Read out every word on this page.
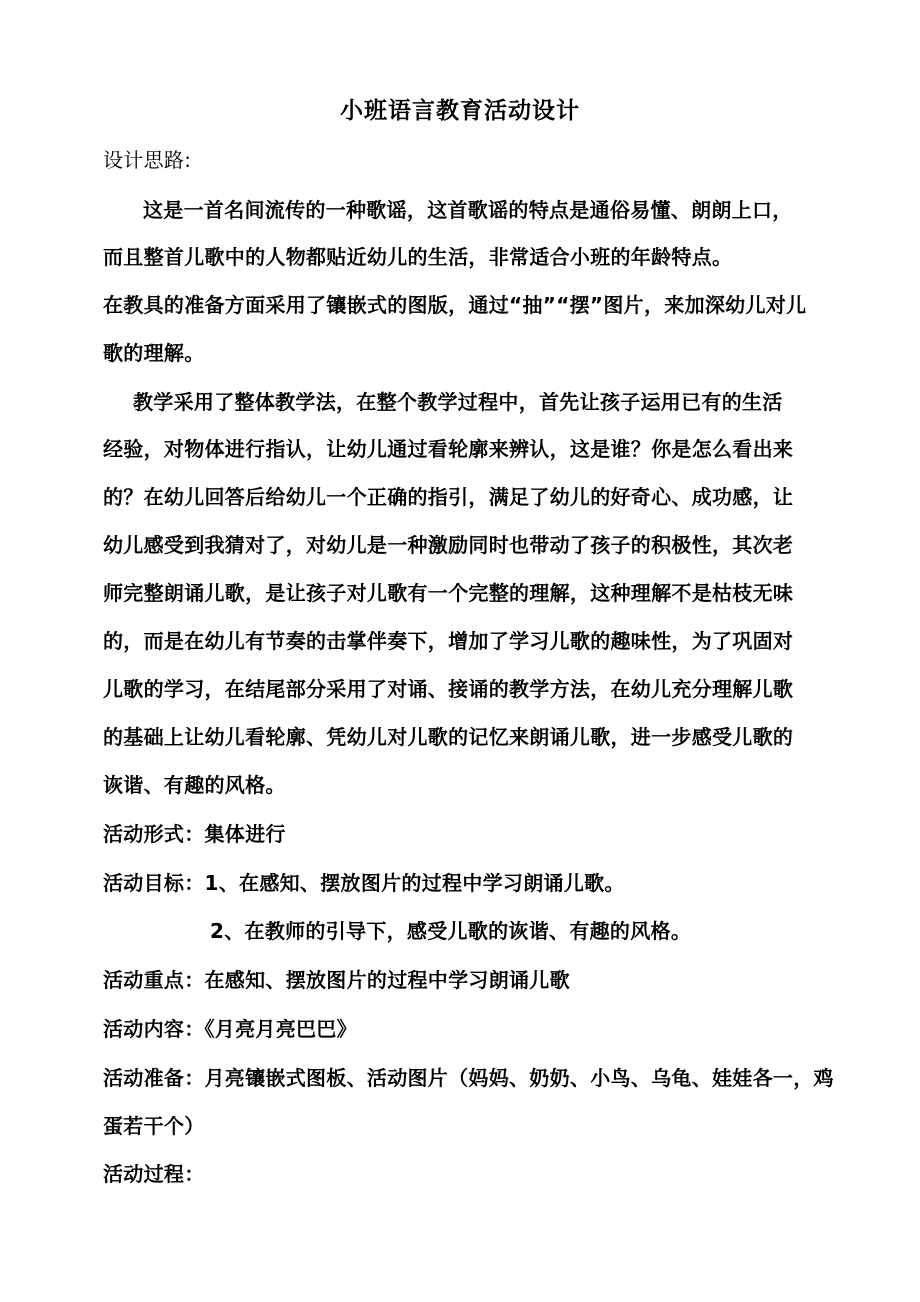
小班语言教育活动设计
设计思路:
这是一首名间流传的一种歌谣，这首歌谣的特点是通俗易懂、朗朗上口，
而且整首儿歌中的人物都贴近幼儿的生活，非常适合小班的年龄特点。
在教具的准备方面采用了镶嵌式的图版，通过“抽”“摆”图片，来加深幼儿对儿
歌的理解。
教学采用了整体教学法，在整个教学过程中，首先让孩子运用已有的生活
经验，对物体进行指认，让幼儿通过看轮廓来辨认，这是谁？你是怎么看出来
的？在幼儿回答后给幼儿一个正确的指引，满足了幼儿的好奇心、成功感，让
幼儿感受到我猜对了，对幼儿是一种激励同时也带动了孩子的积极性，其次老
师完整朗诵儿歌，是让孩子对儿歌有一个完整的理解，这种理解不是枯枝无味
的，而是在幼儿有节奏的击掌伴奏下，增加了学习儿歌的趣味性，为了巩固对
儿歌的学习，在结尾部分采用了对诵、接诵的教学方法，在幼儿充分理解儿歌
的基础上让幼儿看轮廓、凭幼儿对儿歌的记忆来朗诵儿歌，进一步感受儿歌的
诙谐、有趣的风格。
活动形式：集体进行
活动目标：1、在感知、摆放图片的过程中学习朗诵儿歌。
2、在教师的引导下，感受儿歌的诙谐、有趣的风格。
活动重点：在感知、摆放图片的过程中学习朗诵儿歌
活动内容：《月亮月亮巴巴》
活动准备：月亮镶嵌式图板、活动图片（妈妈、奶奶、小鸟、乌龟、娃娃各一，鸡
蛋若干个）
活动过程：
